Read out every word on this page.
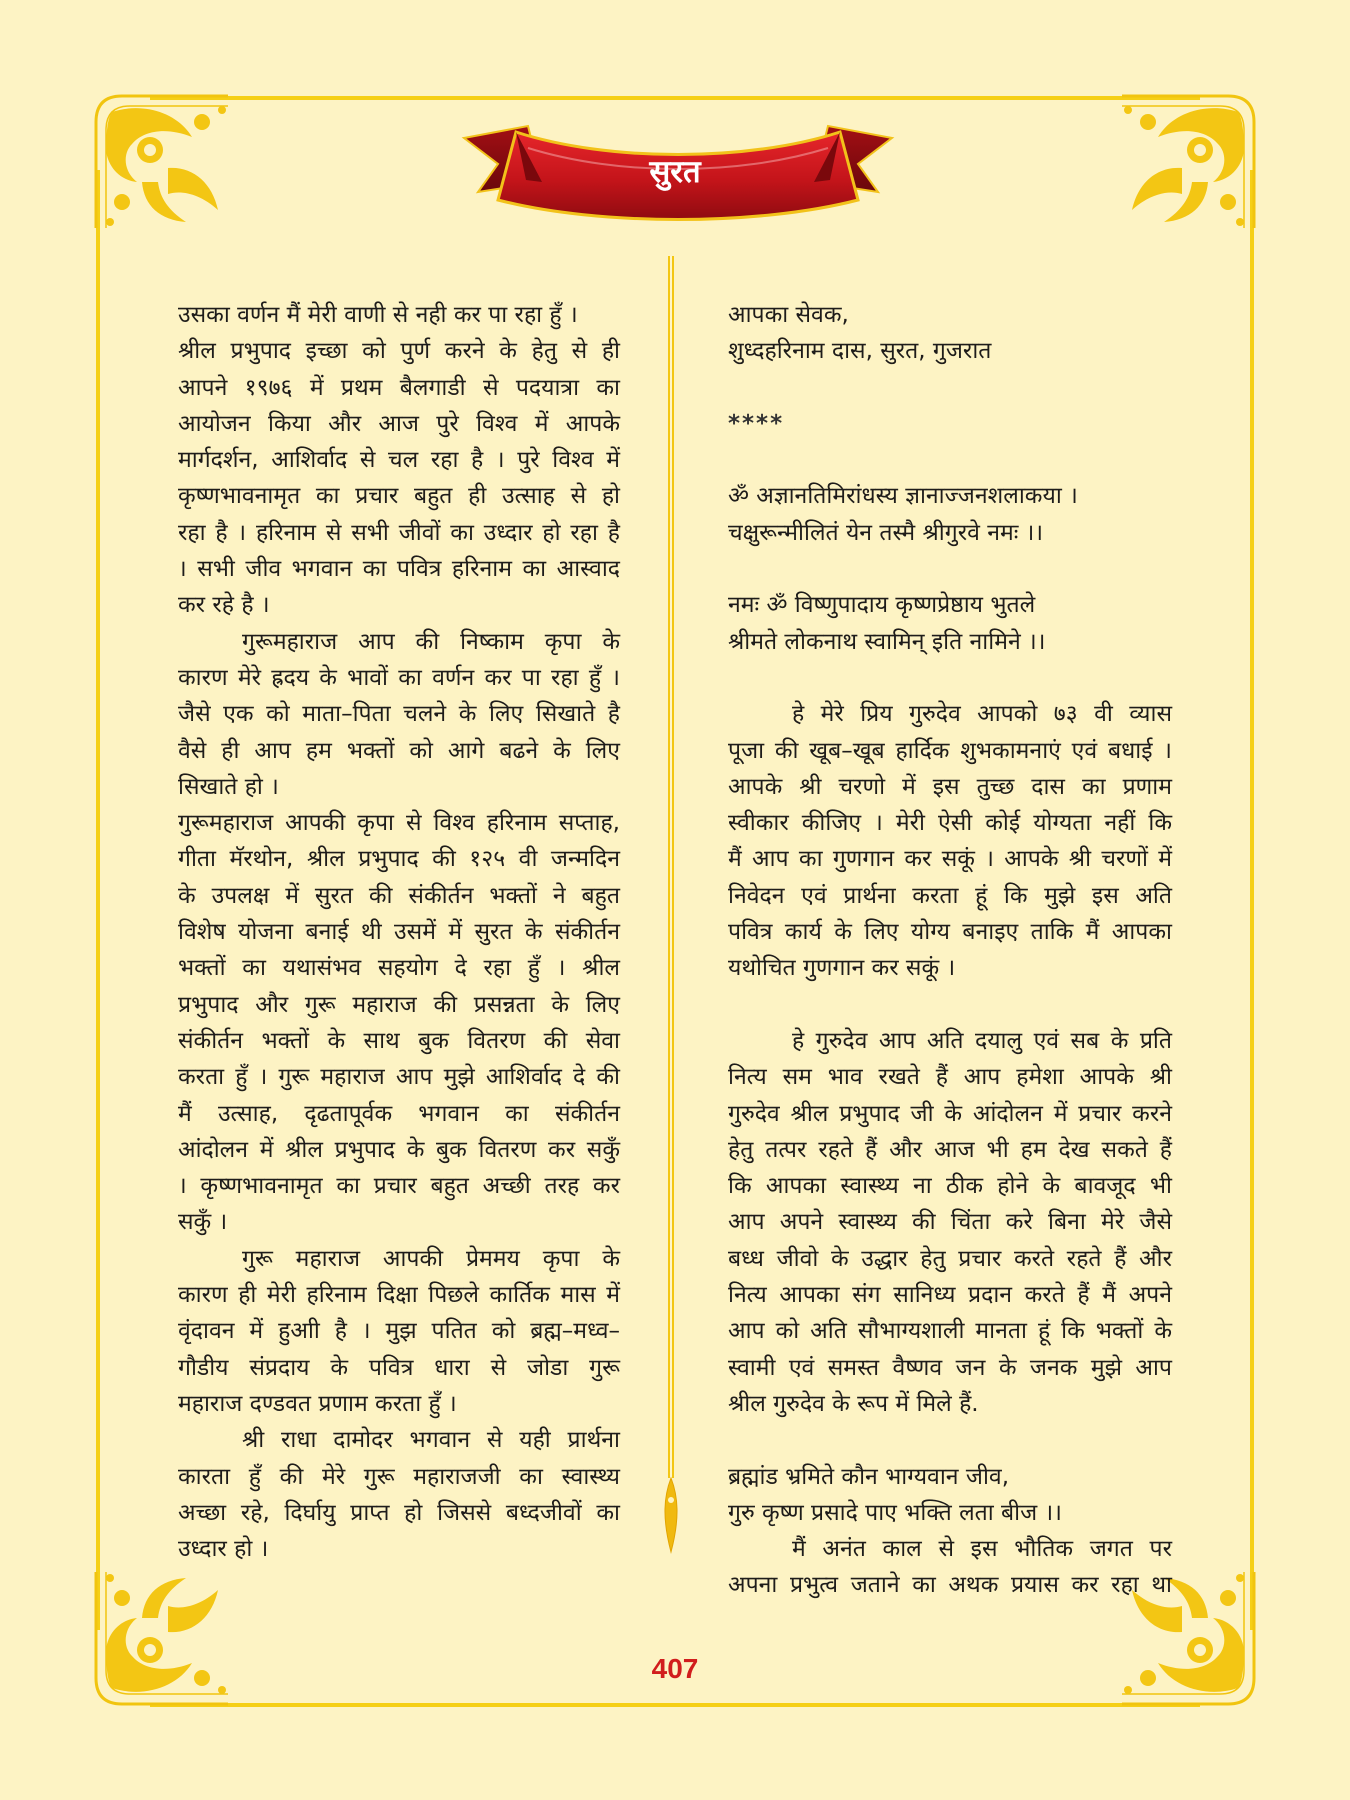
सुरत
उसका वर्णन मैं मेरी वाणी से नही कर पा रहा हुँ ।
श्रील प्रभुपाद इच्छा को पुर्ण करने के हेतु से ही
आपने १९७६ में प्रथम बैलगाडी से पदयात्रा का
आयोजन किया और आज पुरे विश्व में आपके
मार्गदर्शन, आशिर्वाद से चल रहा है । पुरे विश्व में
कृष्णभावनामृत का प्रचार बहुत ही उत्साह से हो
रहा है । हरिनाम से सभी जीवों का उध्दार हो रहा है
। सभी जीव भगवान का पवित्र हरिनाम का आस्वाद
कर रहे है ।
गुरूमहाराज आप की निष्काम कृपा के
कारण मेरे ह्रदय के भावों का वर्णन कर पा रहा हुँ ।
जैसे एक को माता–पिता चलने के लिए सिखाते है
वैसे ही आप हम भक्तों को आगे बढने के लिए
सिखाते हो ।
गुरूमहाराज आपकी कृपा से विश्व हरिनाम सप्ताह,
गीता मॅरथोन, श्रील प्रभुपाद की १२५ वी जन्मदिन
के उपलक्ष में सुरत की संकीर्तन भक्तों ने बहुत
विशेष योजना बनाई थी उसमें में सुरत के संकीर्तन
भक्तों का यथासंभव सहयोग दे रहा हुँ । श्रील
प्रभुपाद और गुरू महाराज की प्रसन्नता के लिए
संकीर्तन भक्तों के साथ बुक वितरण की सेवा
करता हुँ । गुरू महाराज आप मुझे आशिर्वाद दे की
मैं उत्साह, दृढतापूर्वक भगवान का संकीर्तन
आंदोलन में श्रील प्रभुपाद के बुक वितरण कर सकुँ
। कृष्णभावनामृत का प्रचार बहुत अच्छी तरह कर
सकुँ ।
गुरू महाराज आपकी प्रेममय कृपा के
कारण ही मेरी हरिनाम दिक्षा पिछले कार्तिक मास में
वृंदावन में हुआी है । मुझ पतित को ब्रह्म–मध्व–
गौडीय संप्रदाय के पवित्र धारा से जोडा गुरू
महाराज दण्डवत प्रणाम करता हुँ ।
श्री राधा दामोदर भगवान से यही प्रार्थना
कारता हुँ की मेरे गुरू महाराजजी का स्वास्थ्य
अच्छा रहे, दिर्घायु प्राप्त हो जिससे बध्दजीवों का
उध्दार हो ।
आपका सेवक,
शुध्दहरिनाम दास, सुरत, गुजरात
****
ॐ अज्ञानतिमिरांधस्य ज्ञानाज्जनशलाकया ।
चक्षुरून्मीलितं येन तस्मै श्रीगुरवे नमः ।।
नमः ॐ विष्णुपादाय कृष्णप्रेष्ठाय भुतले
श्रीमते लोकनाथ स्वामिन् इति नामिने ।।
हे मेरे प्रिय गुरुदेव आपको ७३ वी व्यास
पूजा की खूब–खूब हार्दिक शुभकामनाएं एवं बधाई ।
आपके श्री चरणो में इस तुच्छ दास का प्रणाम
स्वीकार कीजिए । मेरी ऐसी कोई योग्यता नहीं कि
मैं आप का गुणगान कर सकूं । आपके श्री चरणों में
निवेदन एवं प्रार्थना करता हूं कि मुझे इस अति
पवित्र कार्य के लिए योग्य बनाइए ताकि मैं आपका
यथोचित गुणगान कर सकूं ।
हे गुरुदेव आप अति दयालु एवं सब के प्रति
नित्य सम भाव रखते हैं आप हमेशा आपके श्री
गुरुदेव श्रील प्रभुपाद जी के आंदोलन में प्रचार करने
हेतु तत्पर रहते हैं और आज भी हम देख सकते हैं
कि आपका स्वास्थ्य ना ठीक होने के बावजूद भी
आप अपने स्वास्थ्य की चिंता करे बिना मेरे जैसे
बध्ध जीवो के उद्धार हेतु प्रचार करते रहते हैं और
नित्य आपका संग सानिध्य प्रदान करते हैं मैं अपने
आप को अति सौभाग्यशाली मानता हूं कि भक्तों के
स्वामी एवं समस्त वैष्णव जन के जनक मुझे आप
श्रील गुरुदेव के रूप में मिले हैं.
ब्रह्मांड भ्रमिते कौन भाग्यवान जीव,
गुरु कृष्ण प्रसादे पाए भक्ति लता बीज ।।
मैं अनंत काल से इस भौतिक जगत पर
अपना प्रभुत्व जताने का अथक प्रयास कर रहा था
407
